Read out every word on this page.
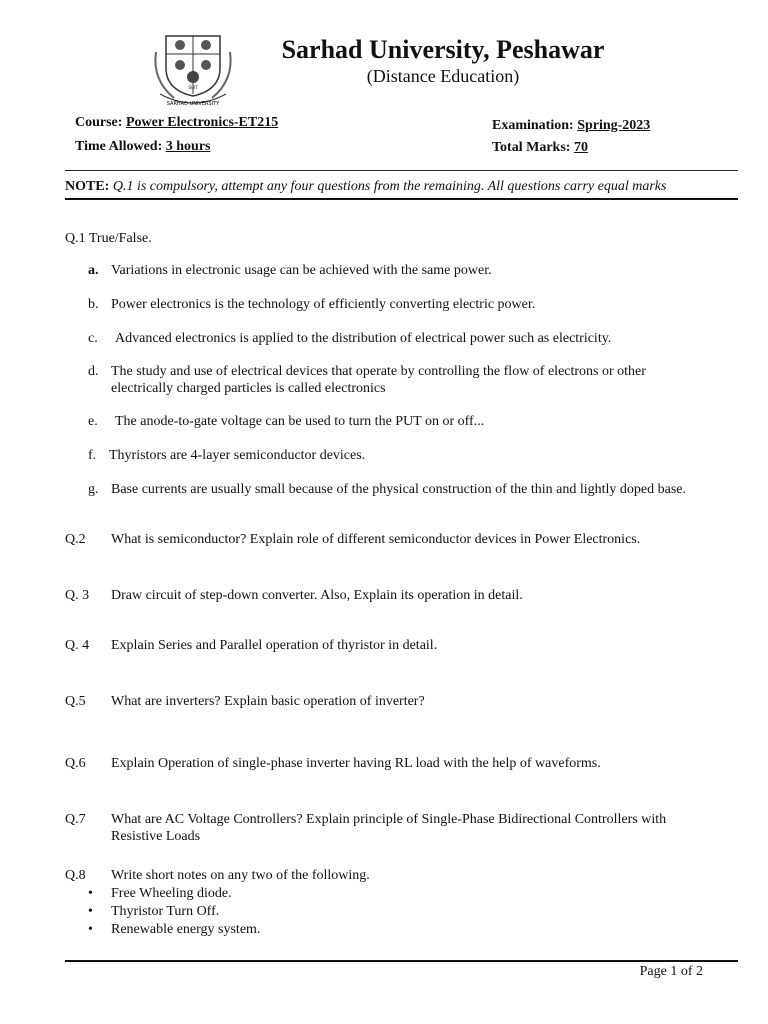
SARHAD UNIVERSITY
SUIT
Sarhad University, Peshawar
(Distance Education)
Course: Power Electronics-ET215
Time Allowed: 3 hours
Examination: Spring-2023
Total Marks: 70
NOTE: Q.1 is compulsory, attempt any four questions from the remaining. All questions carry equal marks
Q.1 True/False.
a. Variations in electronic usage can be achieved with the same power.
b. Power electronics is the technology of efficiently converting electric power.
c.	Advanced electronics is applied to the distribution of electrical power such as electricity.
d. The study and use of electrical devices that operate by controlling the flow of electrons or other electrically charged particles is called electronics
e.	The anode-to-gate voltage can be used to turn the PUT on or off...
f. Thyristors are 4-layer semiconductor devices.
g. Base currents are usually small because of the physical construction of the thin and lightly doped base.
Q.2	What is semiconductor? Explain role of different semiconductor devices in Power Electronics.
Q. 3	Draw circuit of step-down converter. Also, Explain its operation in detail.
Q. 4	Explain Series and Parallel operation of thyristor in detail.
Q.5	What are inverters? Explain basic operation of inverter?
Q.6	Explain Operation of single-phase inverter having RL load with the help of waveforms.
Q.7	What are AC Voltage Controllers? Explain principle of Single-Phase Bidirectional Controllers with Resistive Loads
Q.8	Write short notes on any two of the following.
•	Free Wheeling diode.
•	Thyristor Turn Off.
•	Renewable energy system.
Page 1 of 2
